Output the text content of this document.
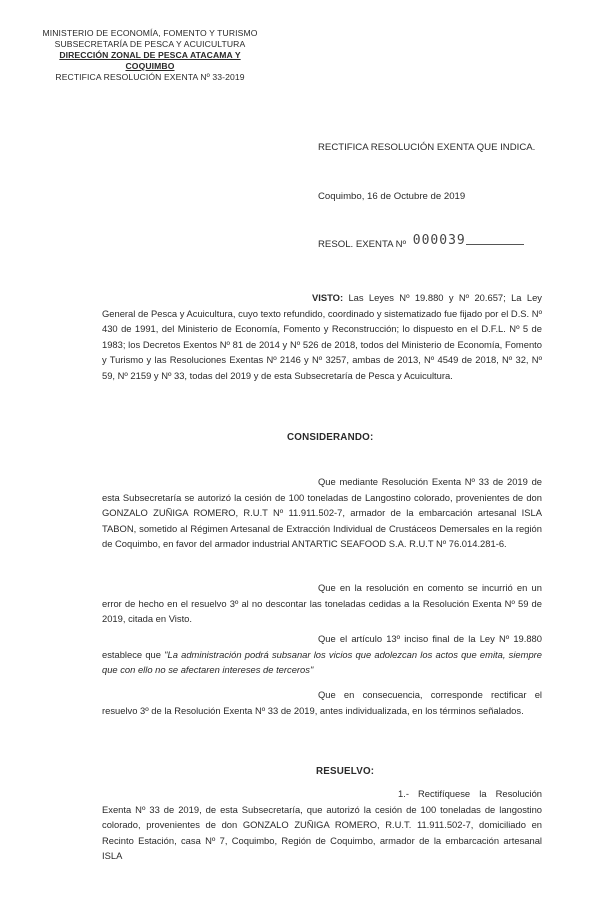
MINISTERIO DE ECONOMÍA, FOMENTO Y TURISMO
SUBSECRETARÍA DE PESCA Y ACUICULTURA
DIRECCIÓN ZONAL DE PESCA ATACAMA Y
COQUIMBO
RECTIFICA RESOLUCIÓN EXENTA Nº 33-2019
RECTIFICA RESOLUCIÓN EXENTA QUE INDICA.
Coquimbo, 16 de Octubre de 2019
RESOL. EXENTA Nº 000039
VISTO: Las Leyes Nº 19.880 y Nº 20.657; La Ley General de Pesca y Acuicultura, cuyo texto refundido, coordinado y sistematizado fue fijado por el D.S. Nº 430 de 1991, del Ministerio de Economía, Fomento y Reconstrucción; lo dispuesto en el D.F.L. Nº 5 de 1983; los Decretos Exentos Nº 81 de 2014 y Nº 526 de 2018, todos del Ministerio de Economía, Fomento y Turismo y las Resoluciones Exentas Nº 2146 y Nº 3257, ambas de 2013, Nº 4549 de 2018, Nº 32, Nº 59, Nº 2159 y Nº 33, todas del 2019 y de esta Subsecretaría de Pesca y Acuicultura.
CONSIDERANDO:
Que mediante Resolución Exenta Nº 33 de 2019 de esta Subsecretaría se autorizó la cesión de 100 toneladas de Langostino colorado, provenientes de don GONZALO ZUÑIGA ROMERO, R.U.T Nº 11.911.502-7, armador de la embarcación artesanal ISLA TABON, sometido al Régimen Artesanal de Extracción Individual de Crustáceos Demersales en la región de Coquimbo, en favor del armador industrial ANTARTIC SEAFOOD S.A. R.U.T Nº 76.014.281-6.
Que en la resolución en comento se incurrió en un error de hecho en el resuelvo 3º al no descontar las toneladas cedidas a la Resolución Exenta Nº 59 de 2019, citada en Visto.
Que el artículo 13º inciso final de la Ley Nº 19.880 establece que "La administración podrá subsanar los vicios que adolezcan los actos que emita, siempre que con ello no se afectaren intereses de terceros"
Que en consecuencia, corresponde rectificar el resuelvo 3º de la Resolución Exenta Nº 33 de 2019, antes individualizada, en los términos señalados.
RESUELVO:
1.- Rectifíquese la Resolución Exenta Nº 33 de 2019, de esta Subsecretaría, que autorizó la cesión de 100 toneladas de langostino colorado, provenientes de don GONZALO ZUÑIGA ROMERO, R.U.T. 11.911.502-7, domiciliado en Recinto Estación, casa Nº 7, Coquimbo, Región de Coquimbo, armador de la embarcación artesanal ISLA
